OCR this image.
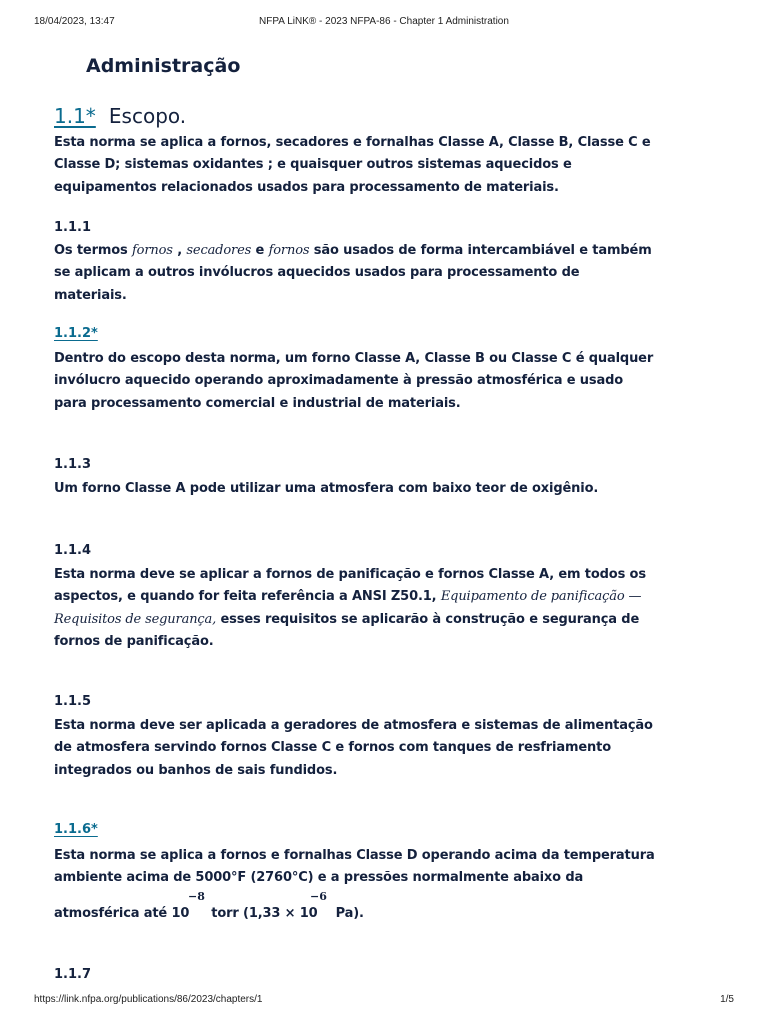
18/04/2023, 13:47	NFPA LiNK® - 2023 NFPA-86 - Chapter 1 Administration
Administração
1.1* Escopo.

Esta norma se aplica a fornos, secadores e fornalhas Classe A, Classe B, Classe C e Classe D; sistemas oxidantes ; e quaisquer outros sistemas aquecidos e equipamentos relacionados usados para processamento de materiais.

1.1.1

Os termos fornos , secadores e fornos são usados de forma intercambiável e também se aplicam a outros invólucros aquecidos usados para processamento de materiais.

1.1.2*

Dentro do escopo desta norma, um forno Classe A, Classe B ou Classe C é qualquer invólucro aquecido operando aproximadamente à pressão atmosférica e usado para processamento comercial e industrial de materiais.

1.1.3

Um forno Classe A pode utilizar uma atmosfera com baixo teor de oxigênio.

1.1.4

Esta norma deve se aplicar a fornos de panificação e fornos Classe A, em todos os aspectos, e quando for feita referência a ANSI Z50.1, Equipamento de panificação — Requisitos de segurança, esses requisitos se aplicarão à construção e segurança de fornos de panificação.

1.1.5

Esta norma deve ser aplicada a geradores de atmosfera e sistemas de alimentação de atmosfera servindo fornos Classe C e fornos com tanques de resfriamento integrados ou banhos de sais fundidos.

1.1.6*

Esta norma se aplica a fornos e fornalhas Classe D operando acima da temperatura

ambiente acima de 5000°F (2760°C) e a pressões normalmente abaixo da

−8	−6

atmosférica até 10 torr (1,33 × 10 Pa).

1.1.7
https://link.nfpa.org/publications/86/2023/chapters/1	1/5
